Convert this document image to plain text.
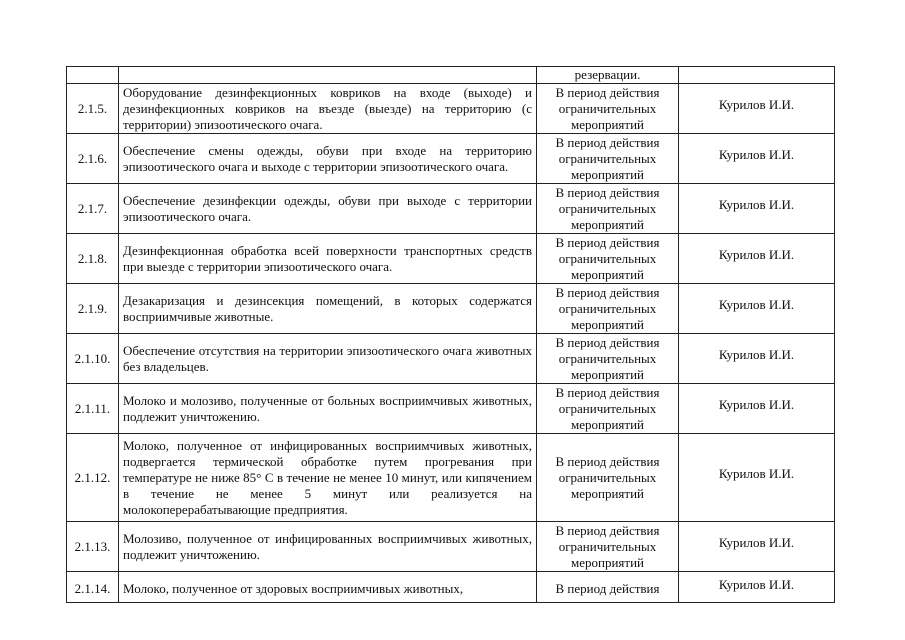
		резервации.	
2.1.5.	Оборудование дезинфекционных ковриков на входе (выходе) и дезинфекционных ковриков на въезде (выезде) на территорию (с территории) эпизоотического очага.	В период действия ограничительных мероприятий	Курилов И.И.
2.1.6.	Обеспечение смены одежды, обуви при входе на территорию эпизоотического очага и выходе с территории эпизоотического очага.	В период действия ограничительных мероприятий	Курилов И.И.
2.1.7.	Обеспечение дезинфекции одежды, обуви при выходе с территории эпизоотического очага.	В период действия ограничительных мероприятий	Курилов И.И.
2.1.8.	Дезинфекционная обработка всей поверхности транспортных средств при выезде с территории эпизоотического очага.	В период действия ограничительных мероприятий	Курилов И.И.
2.1.9.	Дезакаризация и дезинсекция помещений, в которых содержатся восприимчивые животные.	В период действия ограничительных мероприятий	Курилов И.И.
2.1.10.	Обеспечение отсутствия на территории эпизоотического очага животных без владельцев.	В период действия ограничительных мероприятий	Курилов И.И.
2.1.11.	Молоко и молозиво, полученные от больных восприимчивых животных, подлежит уничтожению.	В период действия ограничительных мероприятий	Курилов И.И.
2.1.12.	Молоко, полученное от инфицированных восприимчивых животных, подвергается термической обработке путем прогревания при температуре не ниже 85° С в течение не менее 10 минут, или кипячением в течение не менее 5 минут или реализуется на молокоперерабатывающие предприятия.	В период действия ограничительных мероприятий	Курилов И.И.
2.1.13.	Молозиво, полученное от инфицированных восприимчивых животных, подлежит уничтожению.	В период действия ограничительных мероприятий	Курилов И.И.
2.1.14.	Молоко, полученное от здоровых восприимчивых животных,	В период действия	Курилов И.И.
